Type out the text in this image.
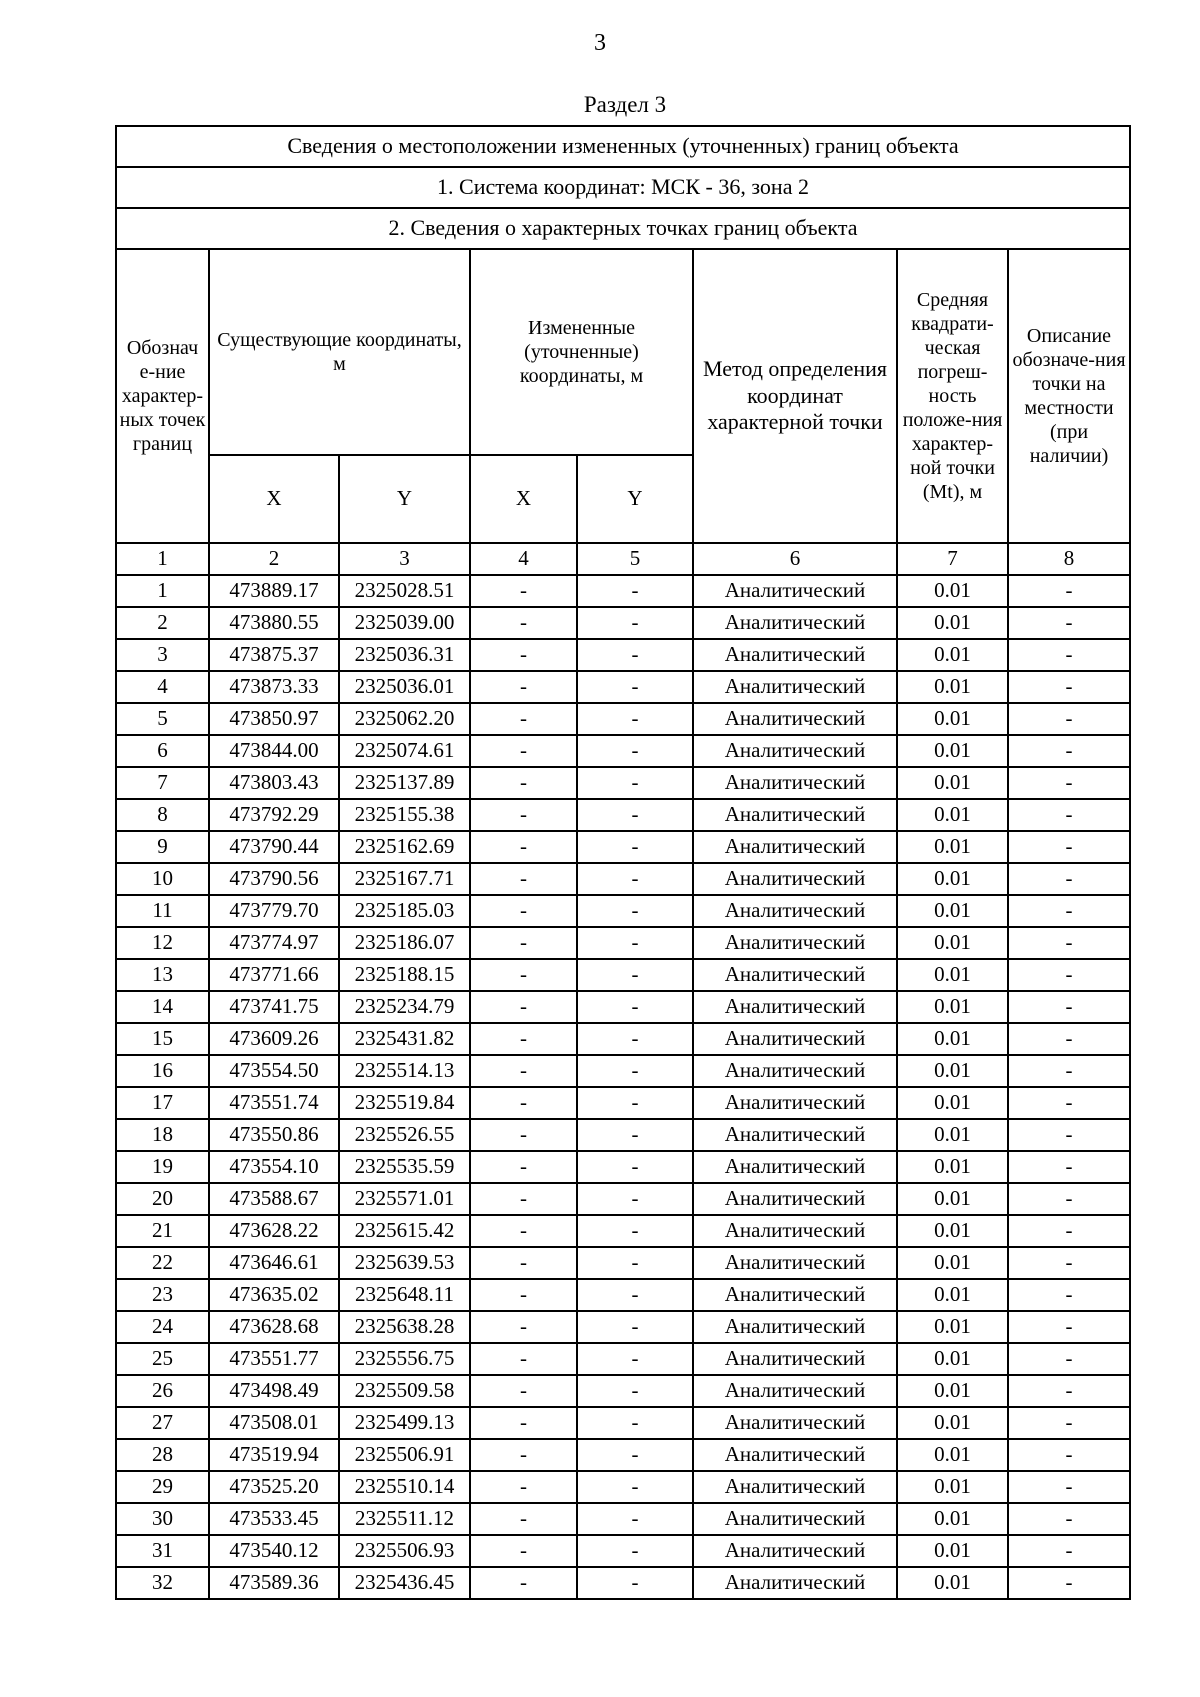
3
Раздел 3
Сведения о местоположении измененных (уточненных) границ объекта							
1. Система координат: МСК - 36, зона 2							
2. Сведения о характерных точках границ объекта							
Обознач е-ние характер-ных точек границ	Существующие координаты, м		Измененные (уточненные) координаты, м		Метод определения координат характерной точки	Средняя квадрати-ческая погреш-ность положе-ния характер-ной точки (Mt), м	Описание обозначе-ния точки на местности (при наличии)
	X	Y	X	Y			
1	2	3	4	5	6	7	8
1	473889.17	2325028.51	-	-	Аналитический	0.01	-
2	473880.55	2325039.00	-	-	Аналитический	0.01	-
3	473875.37	2325036.31	-	-	Аналитический	0.01	-
4	473873.33	2325036.01	-	-	Аналитический	0.01	-
5	473850.97	2325062.20	-	-	Аналитический	0.01	-
6	473844.00	2325074.61	-	-	Аналитический	0.01	-
7	473803.43	2325137.89	-	-	Аналитический	0.01	-
8	473792.29	2325155.38	-	-	Аналитический	0.01	-
9	473790.44	2325162.69	-	-	Аналитический	0.01	-
10	473790.56	2325167.71	-	-	Аналитический	0.01	-
11	473779.70	2325185.03	-	-	Аналитический	0.01	-
12	473774.97	2325186.07	-	-	Аналитический	0.01	-
13	473771.66	2325188.15	-	-	Аналитический	0.01	-
14	473741.75	2325234.79	-	-	Аналитический	0.01	-
15	473609.26	2325431.82	-	-	Аналитический	0.01	-
16	473554.50	2325514.13	-	-	Аналитический	0.01	-
17	473551.74	2325519.84	-	-	Аналитический	0.01	-
18	473550.86	2325526.55	-	-	Аналитический	0.01	-
19	473554.10	2325535.59	-	-	Аналитический	0.01	-
20	473588.67	2325571.01	-	-	Аналитический	0.01	-
21	473628.22	2325615.42	-	-	Аналитический	0.01	-
22	473646.61	2325639.53	-	-	Аналитический	0.01	-
23	473635.02	2325648.11	-	-	Аналитический	0.01	-
24	473628.68	2325638.28	-	-	Аналитический	0.01	-
25	473551.77	2325556.75	-	-	Аналитический	0.01	-
26	473498.49	2325509.58	-	-	Аналитический	0.01	-
27	473508.01	2325499.13	-	-	Аналитический	0.01	-
28	473519.94	2325506.91	-	-	Аналитический	0.01	-
29	473525.20	2325510.14	-	-	Аналитический	0.01	-
30	473533.45	2325511.12	-	-	Аналитический	0.01	-
31	473540.12	2325506.93	-	-	Аналитический	0.01	-
32	473589.36	2325436.45	-	-	Аналитический	0.01	-
